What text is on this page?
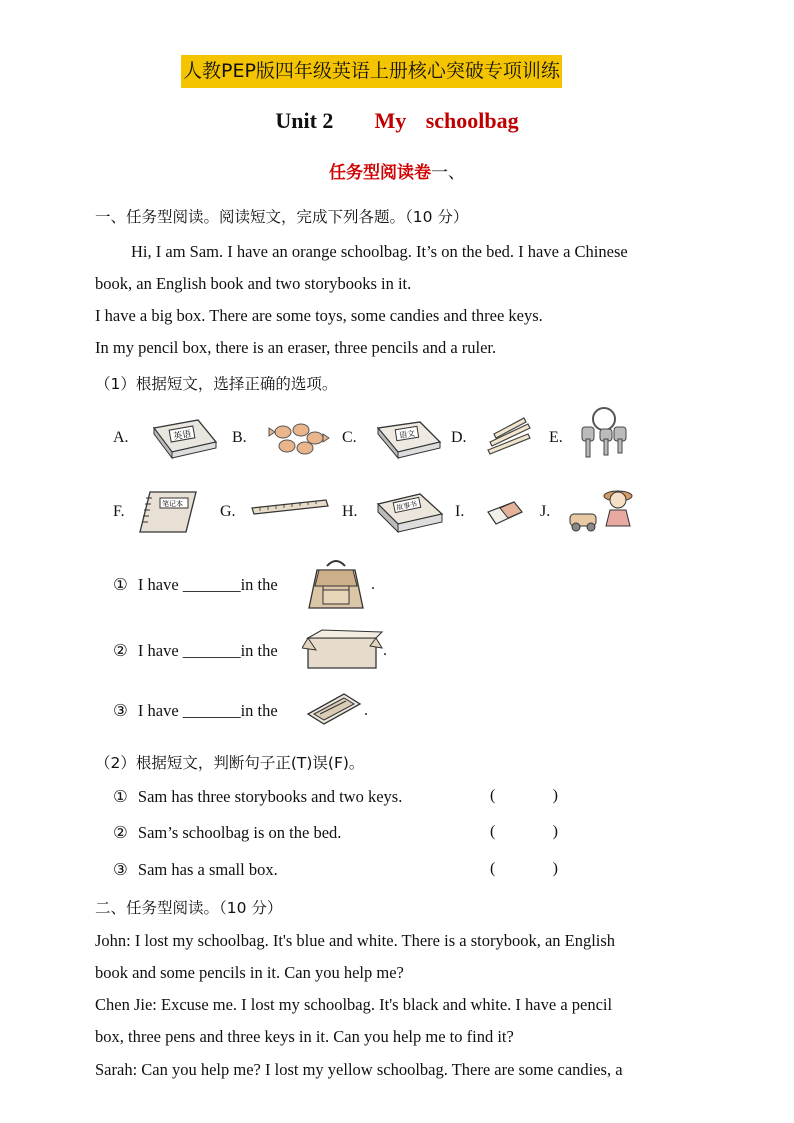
人教PEP版四年级英语上册核心突破专项训练
Unit 2 My schoolbag
任务型阅读卷一、
一、任务型阅读。阅读短文，完成下列各题。（10 分）
Hi, I am Sam. I have an orange schoolbag. It’s on the bed. I have a Chinese
book, an English book and two storybooks in it.
I have a big box. There are some toys, some candies and three keys.
In my pencil box, there is an eraser, three pencils and a ruler.
（1）根据短文，选择正确的选项。
A.	英语 B.	C.	语文 D.	E.
F.	笔记本 G.	H.	故事书 I.	J.
① I have _______in the	.
② I have _______in the	.
③ I have _______in the	.
（2）根据短文，判断句子正(T)误(F)。
① Sam has three storybooks and two keys.	(	)
② Sam’s schoolbag is on the bed.	(	)
③ Sam has a small box.	(	)
二、任务型阅读。（10 分）
John: I lost my schoolbag. It's blue and white. There is a storybook, an English
book and some pencils in it. Can you help me?
Chen Jie: Excuse me. I lost my schoolbag. It's black and white. I have a pencil
box, three pens and three keys in it. Can you help me to find it?
Sarah: Can you help me? I lost my yellow schoolbag. There are some candies, a
